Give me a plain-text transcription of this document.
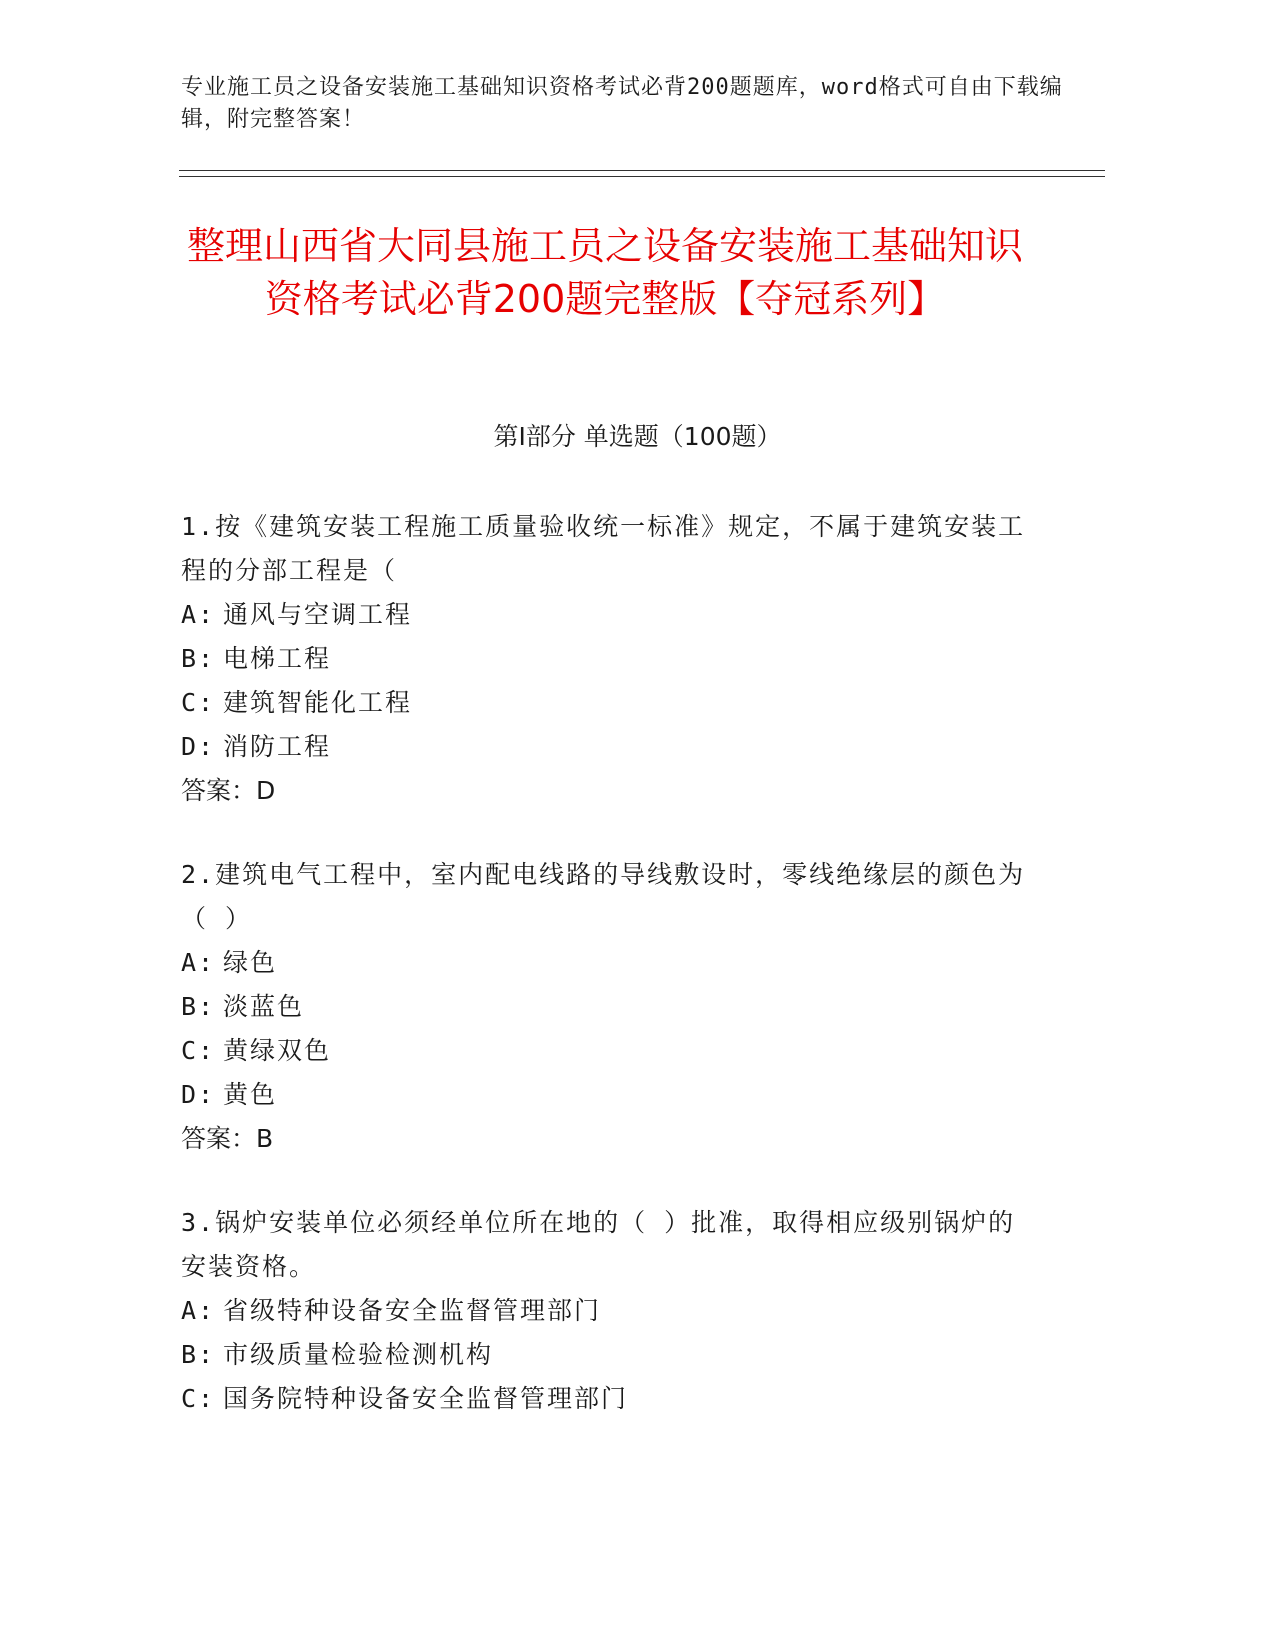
专业施工员之设备安装施工基础知识资格考试必背200题题库，word格式可自由下载编辑，附完整答案！
整理山西省大同县施工员之设备安装施工基础知识资格考试必背200题完整版【夺冠系列】
第I部分 单选题（100题）
1.按《建筑安装工程施工质量验收统一标准》规定，不属于建筑安装工程的分部工程是（
A: 通风与空调工程
B: 电梯工程
C: 建筑智能化工程
D: 消防工程
答案：D
2.建筑电气工程中，室内配电线路的导线敷设时，零线绝缘层的颜色为（ ）
A: 绿色
B: 淡蓝色
C: 黄绿双色
D: 黄色
答案：B
3.锅炉安装单位必须经单位所在地的（ ）批准，取得相应级别锅炉的安装资格。
A: 省级特种设备安全监督管理部门
B: 市级质量检验检测机构
C: 国务院特种设备安全监督管理部门
